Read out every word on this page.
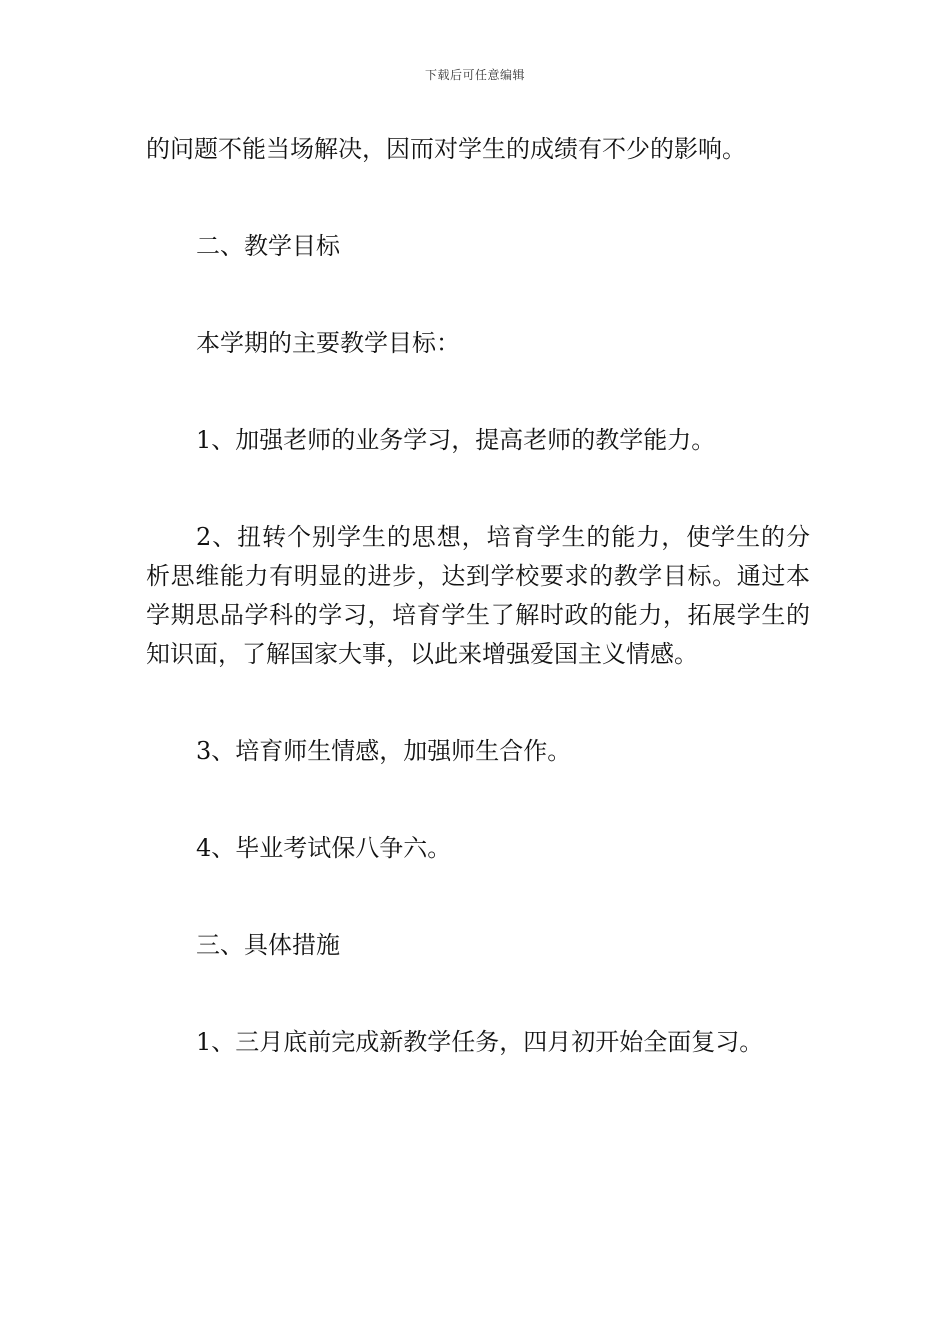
下载后可任意编辑

的问题不能当场解决，因而对学生的成绩有不少的影响。

二、教学目标

本学期的主要教学目标：

1、加强老师的业务学习，提高老师的教学能力。

2、扭转个别学生的思想，培育学生的能力，使学生的分析思维能力有明显的进步，达到学校要求的教学目标。通过本学期思品学科的学习，培育学生了解时政的能力，拓展学生的知识面，了解国家大事，以此来增强爱国主义情感。

3、培育师生情感，加强师生合作。

4、毕业考试保八争六。

三、具体措施

1、三月底前完成新教学任务，四月初开始全面复习。
